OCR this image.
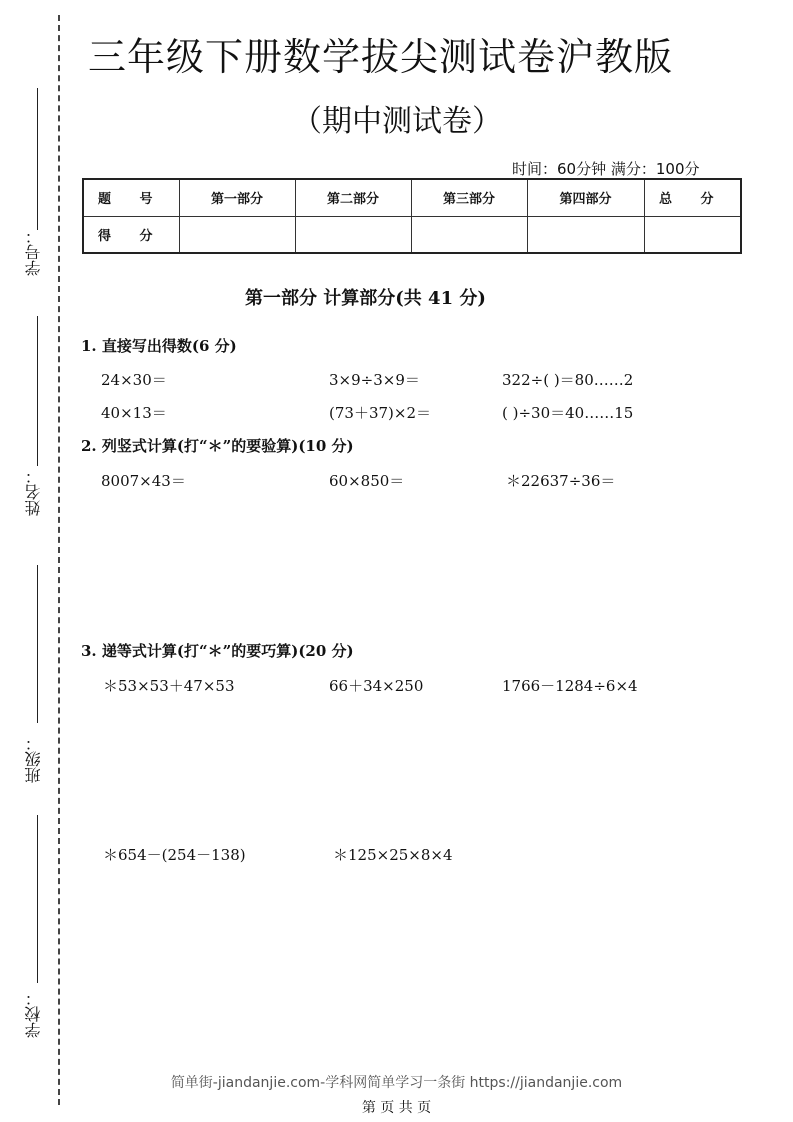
学号：
姓名：
班级：
学校：
三年级下册数学拔尖测试卷沪教版
（期中测试卷）
时间：60分钟 满分：100分
题 号	第一部分	第二部分	第三部分	第四部分	总 分
得 分					
第一部分 计算部分(共 41 分)
1. 直接写出得数(6 分)
24×30＝	3×9÷3×9＝	322÷( )＝80……2
40×13＝	(73＋37)×2＝	( )÷30＝40……15
2. 列竖式计算(打“＊”的要验算)(10 分)
8007×43＝	60×850＝	＊22637÷36＝
3. 递等式计算(打“＊”的要巧算)(20 分)
＊53×53＋47×53	66＋34×250	1766－1284÷6×4
＊654－(254－138)	＊125×25×8×4
简单街-jiandanjie.com-学科网简单学习一条街 https://jiandanjie.com
第 页 共 页
